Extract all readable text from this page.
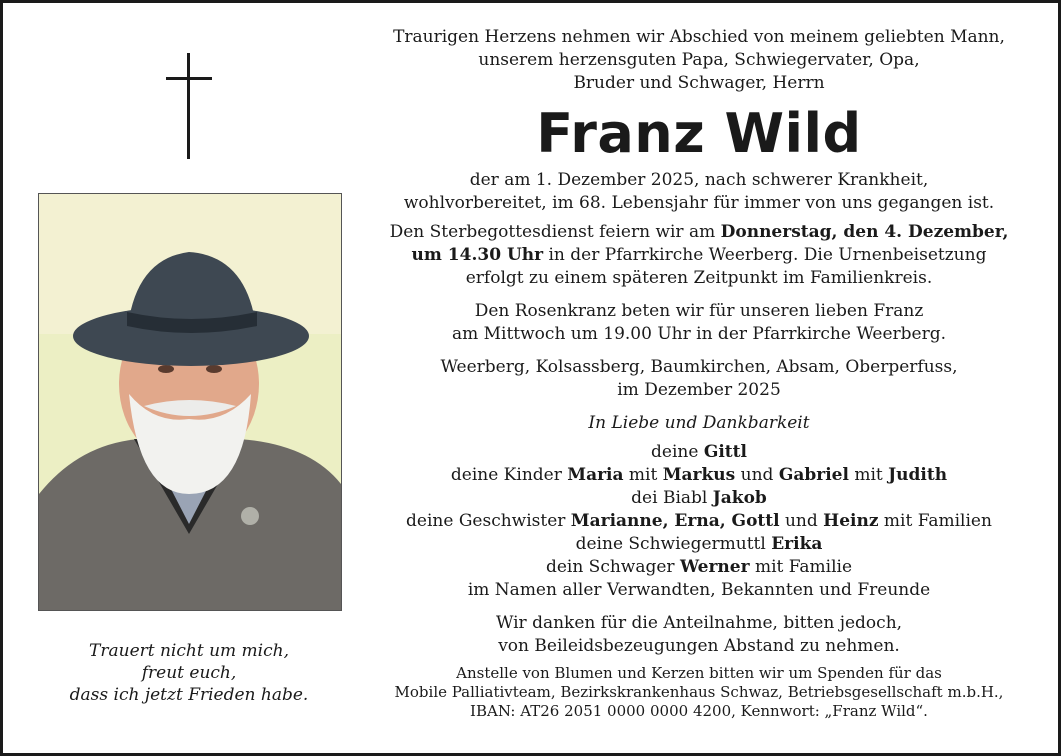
Trauert nicht um mich,
freut euch,
dass ich jetzt Frieden habe.

Traurigen Herzens nehmen wir Abschied von meinem geliebten Mann,

unserem herzensguten Papa, Schwiegervater, Opa,

Bruder und Schwager, Herrn

Franz Wild

der am 1. Dezember 2025, nach schwerer Krankheit,

wohlvorbereitet, im 68. Lebensjahr für immer von uns gegangen ist.

Den Sterbegottesdienst feiern wir am Donnerstag, den 4. Dezember,

um 14.30 Uhr in der Pfarrkirche Weerberg. Die Urnenbeisetzung

erfolgt zu einem späteren Zeitpunkt im Familienkreis.

Den Rosenkranz beten wir für unseren lieben Franz

am Mittwoch um 19.00 Uhr in der Pfarrkirche Weerberg.

Weerberg, Kolsassberg, Baumkirchen, Absam, Oberperfuss,

im Dezember 2025

In Liebe und Dankbarkeit

deine Gittl

deine Kinder Maria mit Markus und Gabriel mit Judith

dei Biabl Jakob

deine Geschwister Marianne, Erna, Gottl und Heinz mit Familien

deine Schwiegermuttl Erika

dein Schwager Werner mit Familie

im Namen aller Verwandten, Bekannten und Freunde

Wir danken für die Anteilnahme, bitten jedoch,

von Beileidsbezeugungen Abstand zu nehmen.

Anstelle von Blumen und Kerzen bitten wir um Spenden für das

Mobile Palliativteam, Bezirkskrankenhaus Schwaz, Betriebsgesellschaft m.b.H.,

IBAN: AT26 2051 0000 0000 4200, Kennwort: „Franz Wild“.
